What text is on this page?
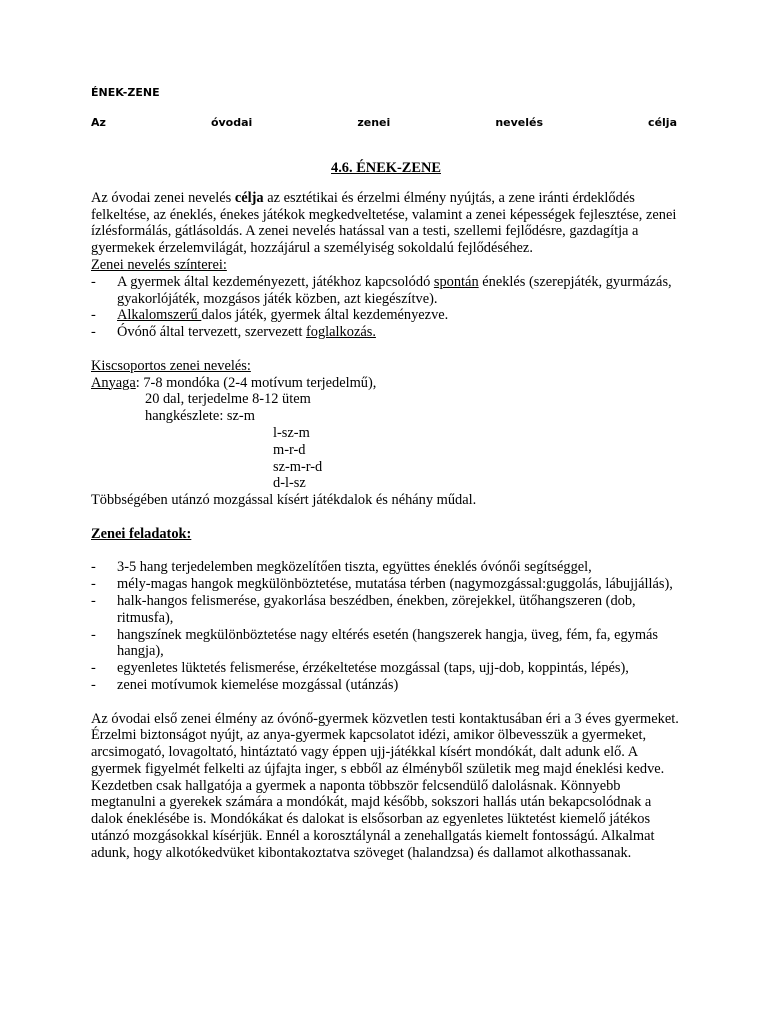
ÉNEK-ZENE
Az	óvodai	zenei	nevelés	célja
4.6. ÉNEK-ZENE

Az óvodai zenei nevelés célja az esztétikai és érzelmi élmény nyújtás, a zene iránti érdeklődés felkeltése, az éneklés, énekes játékok megkedveltetése, valamint a zenei képességek fejlesztése, zenei ízlésformálás, gátlásoldás. A zenei nevelés hatással van a testi, szellemi fejlődésre, gazdagítja a gyermekek érzelemvilágát, hozzájárul a személyiség sokoldalú fejlődéséhez.

Zenei nevelés színterei:
-	A gyermek által kezdeményezett, játékhoz kapcsolódó spontán éneklés (szerepjáték, gyurmázás, gyakorlójáték, mozgásos játék közben, azt kiegészítve).
-	Alkalomszerű dalos játék, gyermek által kezdeményezve.
-	Óvónő által tervezett, szervezett foglalkozás.
Kiscsoportos zenei nevelés:
Anyaga: 7-8 mondóka (2-4 motívum terjedelmű),
20 dal, terjedelme 8-12 ütem
hangkészlete: sz-m
l-sz-m
m-r-d
sz-m-r-d
d-l-sz
Többségében utánzó mozgással kísért játékdalok és néhány műdal.
Zenei feladatok:
-	3-5 hang terjedelemben megközelítően tiszta, együttes éneklés óvónői segítséggel,
-	mély-magas hangok megkülönböztetése, mutatása térben (nagymozgással:guggolás, lábujjállás),
-	halk-hangos felismerése, gyakorlása beszédben, énekben, zörejekkel, ütőhangszeren (dob, ritmusfa),
-	hangszínek megkülönböztetése nagy eltérés esetén (hangszerek hangja, üveg, fém, fa, egymás hangja),
-	egyenletes lüktetés felismerése, érzékeltetése mozgással (taps, ujj-dob, koppintás, lépés),
-	zenei motívumok kiemelése mozgással (utánzás)

Az óvodai első zenei élmény az óvónő-gyermek közvetlen testi kontaktusában éri a 3 éves gyermeket. Érzelmi biztonságot nyújt, az anya-gyermek kapcsolatot idézi, amikor ölbevesszük a gyermeket, arcsimogató, lovagoltató, hintáztató vagy éppen ujj-játékkal kísért mondókát, dalt adunk elő. A gyermek figyelmét felkelti az újfajta inger, s ebből az élményből születik meg majd éneklési kedve. Kezdetben csak hallgatója a gyermek a naponta többször felcsendülő dalolásnak. Könnyebb megtanulni a gyerekek számára a mondókát, majd később, sokszori hallás után bekapcsolódnak a dalok éneklésébe is. Mondókákat és dalokat is elsősorban az egyenletes lüktetést kiemelő játékos utánzó mozgásokkal kísérjük. Ennél a korosztálynál a zenehallgatás kiemelt fontosságú. Alkalmat adunk, hogy alkotókedvüket kibontakoztatva szöveget (halandzsa) és dallamot alkothassanak.
